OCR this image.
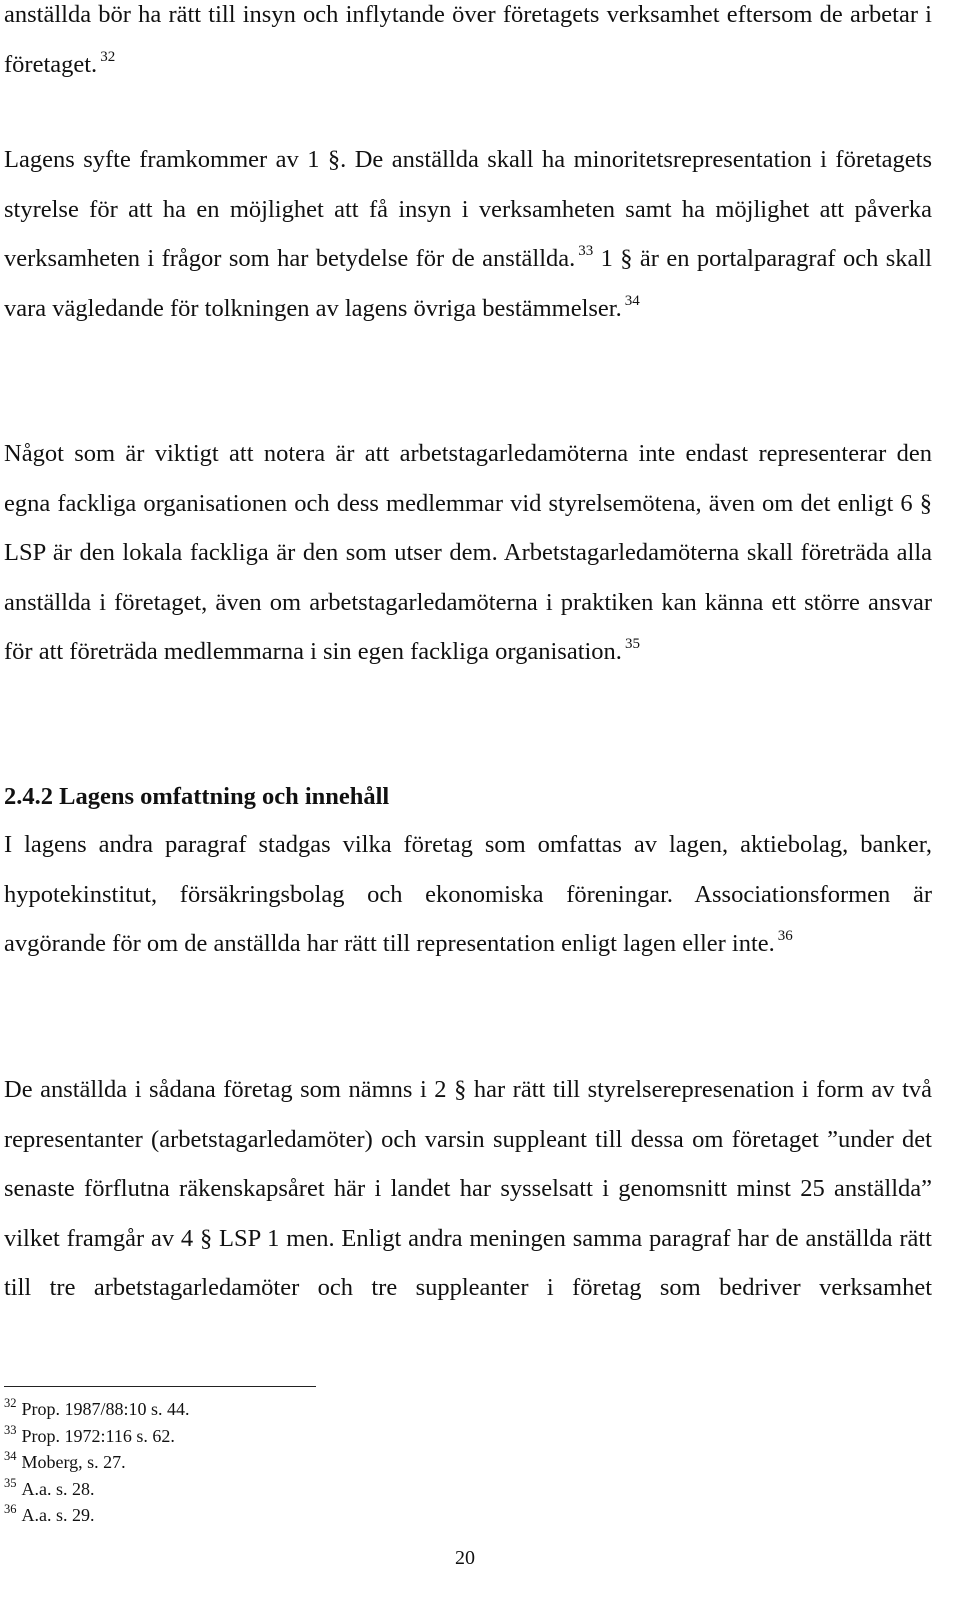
anställda bör ha rätt till insyn och inflytande över företagets verksamhet eftersom de arbetar i företaget. $^{32}$

Lagens syfte framkommer av 1 §. De anställda skall ha minoritetsrepresentation i företagets styrelse för att ha en möjlighet att få insyn i verksamheten samt ha möjlighet att påverka verksamheten i frågor som har betydelse för de anställda. $^{33}$ 1 § är en portalparagraf och skall vara vägledande för tolkningen av lagens övriga bestämmelser. $^{34}$

Något som är viktigt att notera är att arbetstagarledamöterna inte endast representerar den egna fackliga organisationen och dess medlemmar vid styrelsemötena, även om det enligt 6 § LSP är den lokala fackliga är den som utser dem. Arbetstagarledamöterna skall företräda alla anställda i företaget, även om arbetstagarledamöterna i praktiken kan känna ett större ansvar för att företräda medlemmarna i sin egen fackliga organisation. $^{35}$

2.4.2 Lagens omfattning och innehåll

I lagens andra paragraf stadgas vilka företag som omfattas av lagen, aktiebolag, banker, hypotekinstitut, försäkringsbolag och ekonomiska föreningar. Associationsformen är avgörande för om de anställda har rätt till representation enligt lagen eller inte. $^{36}$

De anställda i sådana företag som nämns i 2 § har rätt till styrelserepresenation i form av två representanter (arbetstagarledamöter) och varsin suppleant till dessa om företaget ”under det senaste förflutna räkenskapsåret här i landet har sysselsatt i genomsnitt minst 25 anställda” vilket framgår av 4 § LSP 1 men. Enligt andra meningen samma paragraf har de anställda rätt till tre arbetstagarledamöter och tre suppleanter i företag som bedriver verksamhet

$^{32}$ Prop. 1987/88:10 s. 44.
$^{33}$ Prop. 1972:116 s. 62.
$^{34}$ Moberg, s. 27.
$^{35}$ A.a. s. 28.
$^{36}$ A.a. s. 29.
20
